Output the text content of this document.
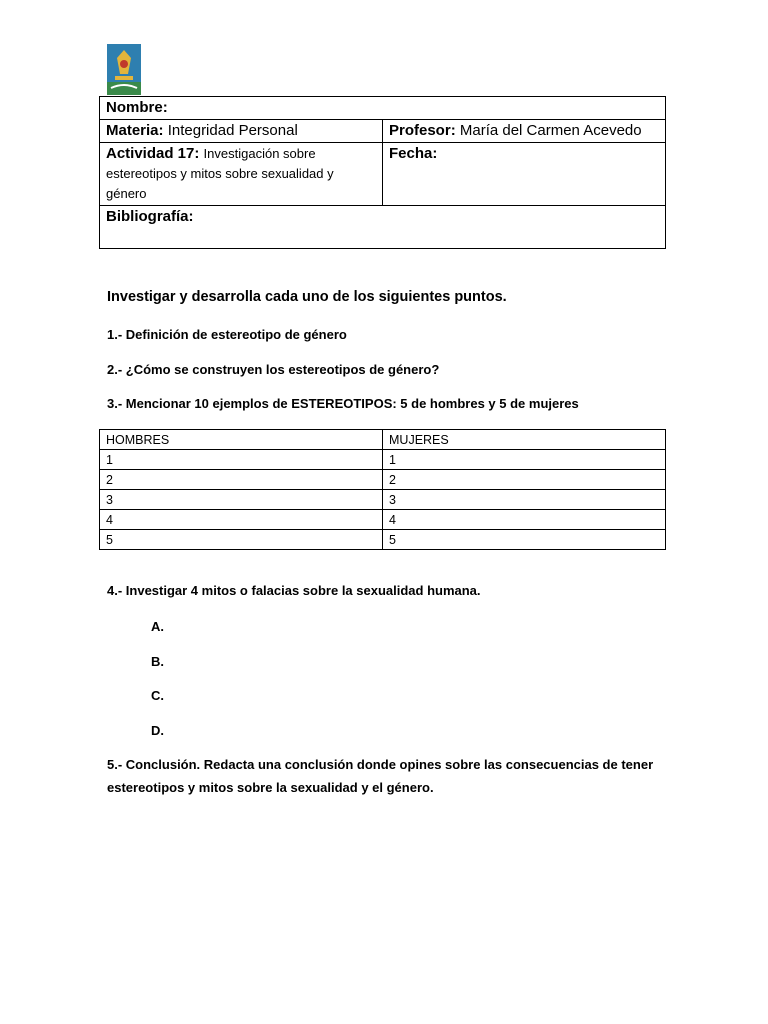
Nombre:	
Materia: Integridad Personal	Profesor: María del Carmen Acevedo
Actividad 17: Investigación sobre estereotipos y mitos sobre sexualidad y género	Fecha:
Bibliografía:	
Investigar y desarrolla cada uno de los siguientes puntos.
1.- Definición de estereotipo de género
2.- ¿Cómo se construyen los estereotipos de género?
3.- Mencionar 10 ejemplos de ESTEREOTIPOS: 5 de hombres y 5 de mujeres
HOMBRES	MUJERES
1	1
2	2
3	3
4	4
5	5
4.- Investigar 4 mitos o falacias sobre la sexualidad humana.
A.
B.
C.
D.
5.- Conclusión. Redacta una conclusión donde opines sobre las consecuencias de tener
estereotipos y mitos sobre la sexualidad y el género.
